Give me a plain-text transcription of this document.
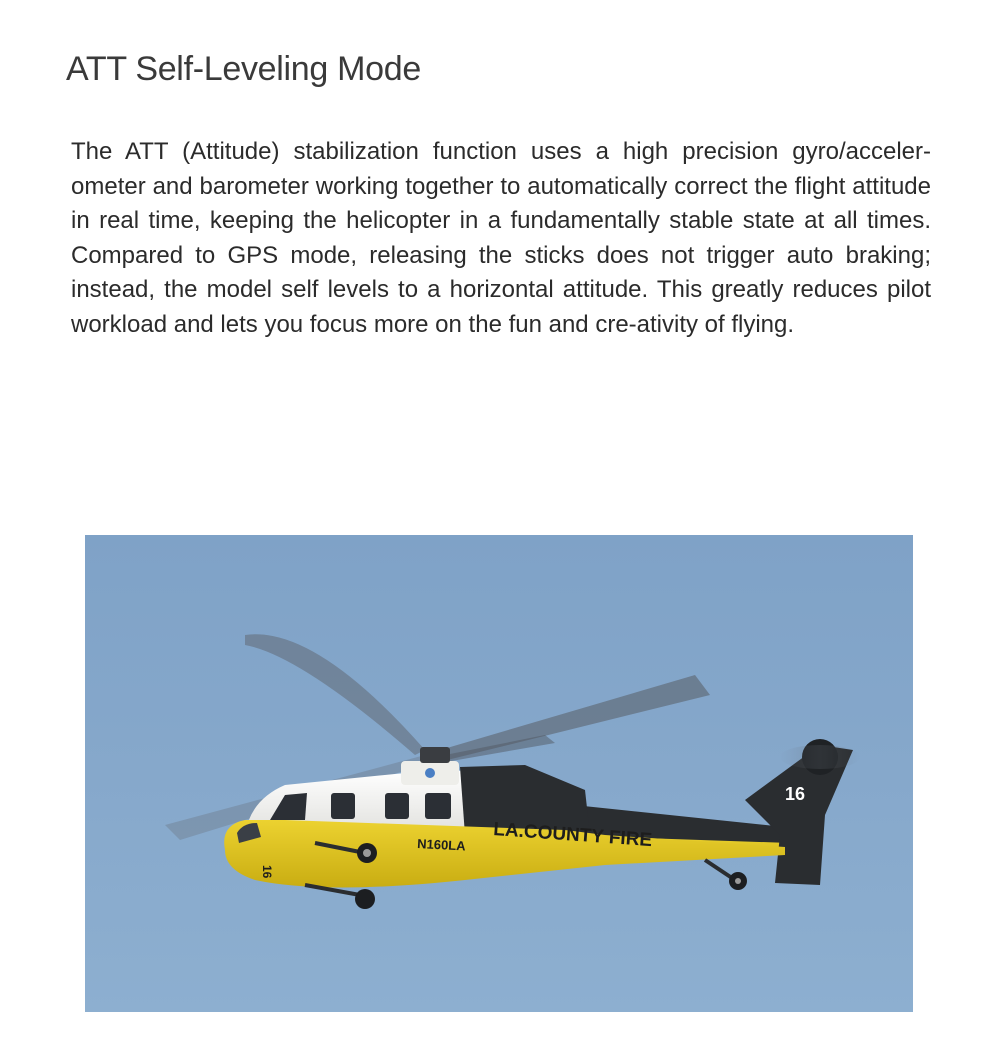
ATT Self-Leveling Mode

The ATT (Attitude) stabilization function uses a high precision gyro/acceler-ometer and barometer working together to automatically correct the flight attitude in real time, keeping the helicopter in a fundamentally stable state at all times. Compared to GPS mode, releasing the sticks does not trigger auto braking; instead, the model self levels to a horizontal attitude. This greatly reduces pilot workload and lets you focus more on the fun and cre-ativity of flying.

N160LA LA.COUNTY FIRE
16
16
